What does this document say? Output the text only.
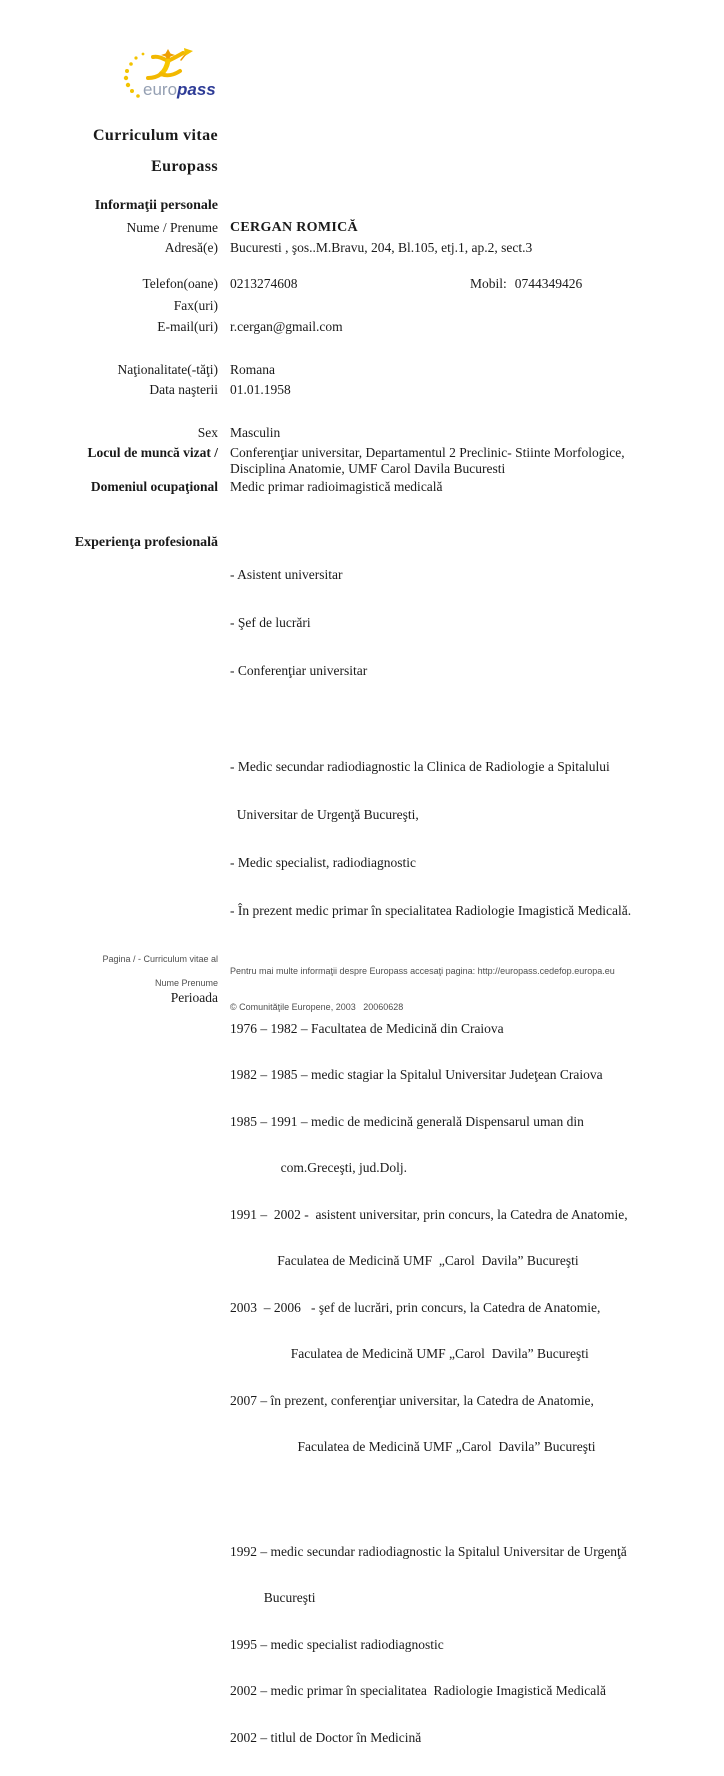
euro pass

Curriculum vitae

Europass

Informaţii personale
Nume / Prenume CERGAN ROMICĂ
Adresă(e) Bucuresti , şos..M.Bravu, 204, Bl.105, etj.1, ap.2, sect.3
Telefon(oane) 0213274608	Mobil: 0744349426
Fax(uri)
E-mail(uri) r.cergan@gmail.com
Naţionalitate(-tăţi) Romana
Data naşterii 01.01.1958
Sex Masculin
Locul de muncă vizat / Conferenţiar universitar, Departamentul 2 Preclinic- Stiinte Morfologice, Disciplina Anatomie, UMF Carol Davila Bucuresti
Domeniul ocupaţional Medic primar radioimagistică medicală
Experienţa profesională

- Asistent universitar

- Şef de lucrări

- Conferenţiar universitar

- Medic secundar radiodiagnostic la Clinica de Radiologie a Spitalului

Universitar de Urgenţă Bucureşti,

- Medic specialist, radiodiagnostic

- În prezent medic primar în specialitatea Radiologie Imagistică Medicală.

Perioada

1976 – 1982 – Facultatea de Medicină din Craiova

1982 – 1985 – medic stagiar la Spitalul Universitar Judeţean Craiova

1985 – 1991 – medic de medicină generală Dispensarul uman din

com.Greceşti, jud.Dolj.

1991 –  2002 -  asistent universitar, prin concurs, la Catedra de Anatomie,

Faculatea de Medicină UMF  „Carol  Davila” Bucureşti

2003  – 2006   - şef de lucrări, prin concurs, la Catedra de Anatomie,

Faculatea de Medicină UMF „Carol  Davila” Bucureşti

2007 – în prezent, conferenţiar universitar, la Catedra de Anatomie,

Faculatea de Medicină UMF „Carol  Davila” Bucureşti

1992 – medic secundar radiodiagnostic la Spitalul Universitar de Urgenţă

Bucureşti

1995 – medic specialist radiodiagnostic

2002 – medic primar în specialitatea  Radiologie Imagistică Medicală

2002 – titlul de Doctor în Medicină

Pagina / - Curriculum vitae al

Nume Prenume

Pentru mai multe informaţii despre Europass accesaţi pagina: http://europass.cedefop.europa.eu

© Comunităţile Europene, 2003   20060628
